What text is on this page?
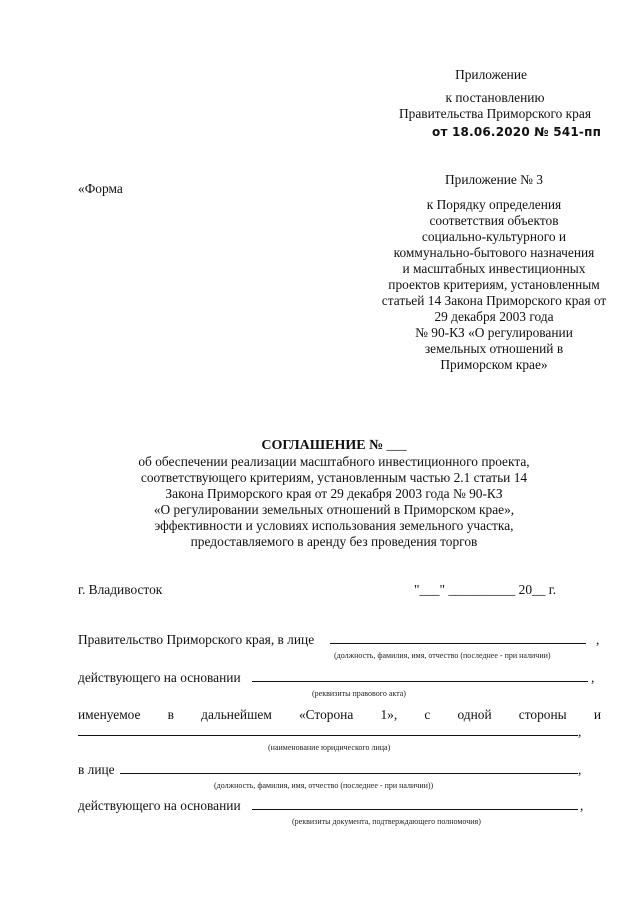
Приложение
к постановлению
Правительства Приморского края
от 18.06.2020 № 541-пп
«Форма
Приложение № 3
к Порядку определения
соответствия объектов
социально-культурного и
коммунально-бытового назначения
и масштабных инвестиционных
проектов критериям, установленным
статьей 14 Закона Приморского края от
29 декабря 2003 года
№ 90-КЗ «О регулировании
земельных отношений в
Приморском крае»
СОГЛАШЕНИЕ № ___
об обеспечении реализации масштабного инвестиционного проекта,
соответствующего критериям, установленным частью 2.1 статьи 14
Закона Приморского края от 29 декабря 2003 года № 90-КЗ
«О регулировании земельных отношений в Приморском крае»,
эффективности и условиях использования земельного участка,
предоставляемого в аренду без проведения торгов
г. Владивосток	"___" __________ 20__ г.
Правительство Приморского края, в лице	,
(должность, фамилия, имя, отчество (последнее - при наличии)
действующего на основании	,
(реквизиты правового акта)
именуемое в дальнейшем «Сторона 1», с одной стороны и
,
(наименование юридического лица)
в лице	,
(должность, фамилия, имя, отчество (последнее - при наличии))
действующего на основании	,
(реквизиты документа, подтверждающего полномочия)
